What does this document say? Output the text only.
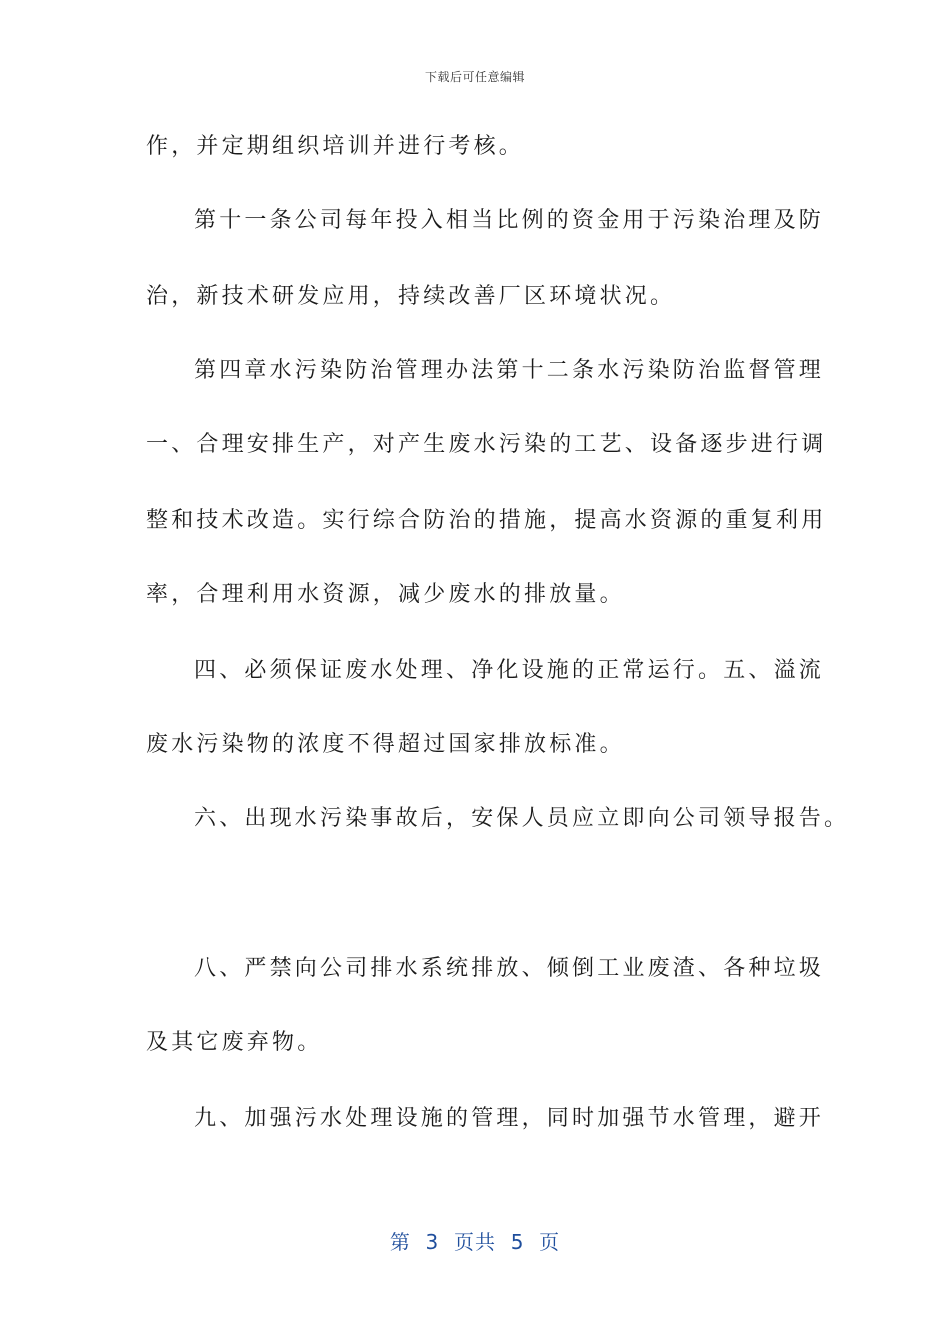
下载后可任意编辑
作，并定期组织培训并进行考核。
第十一条公司每年投入相当比例的资金用于污染治理及防
治，新技术研发应用，持续改善厂区环境状况。
第四章水污染防治管理办法第十二条水污染防治监督管理
一、合理安排生产，对产生废水污染的工艺、设备逐步进行调
整和技术改造。实行综合防治的措施，提高水资源的重复利用
率，合理利用水资源，减少废水的排放量。
四、必须保证废水处理、净化设施的正常运行。五、溢流
废水污染物的浓度不得超过国家排放标准。
六、出现水污染事故后，安保人员应立即向公司领导报告。
八、严禁向公司排水系统排放、倾倒工业废渣、各种垃圾
及其它废弃物。
九、加强污水处理设施的管理，同时加强节水管理，避开
第  3  页共  5  页
